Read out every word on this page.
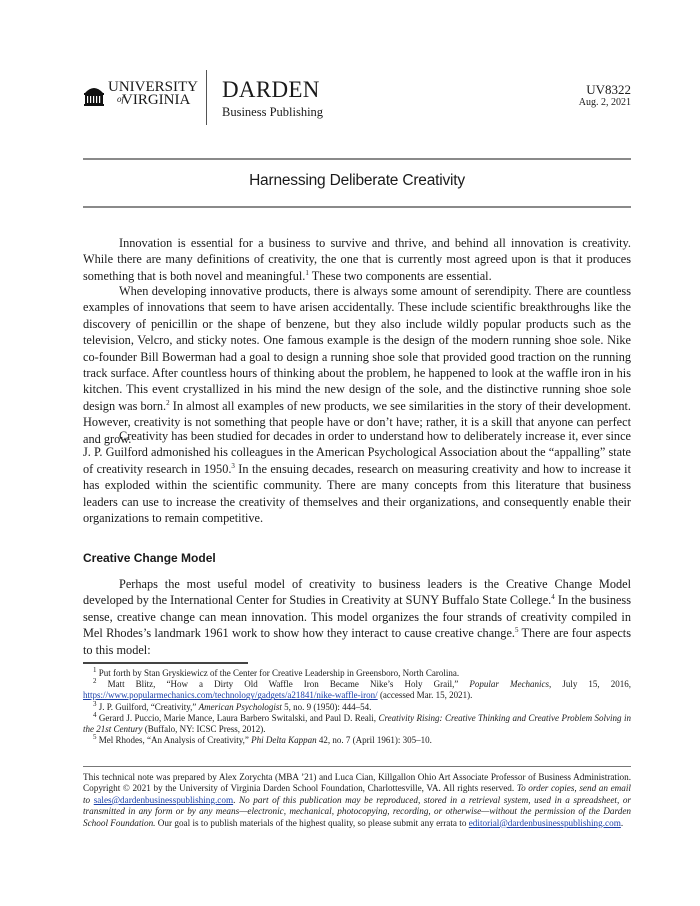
UNIVERSITY
of
VIRGINIA DARDEN
Business Publishing
UV8322
Aug. 2, 2021
Harnessing Deliberate Creativity

Innovation is essential for a business to survive and thrive, and behind all innovation is creativity. While there are many definitions of creativity, the one that is currently most agreed upon is that it produces something that is both novel and meaningful.$^1$ These two components are essential.

When developing innovative products, there is always some amount of serendipity. There are countless examples of innovations that seem to have arisen accidentally. These include scientific breakthroughs like the discovery of penicillin or the shape of benzene, but they also include wildly popular products such as the television, Velcro, and sticky notes. One famous example is the design of the modern running shoe sole. Nike co-founder Bill Bowerman had a goal to design a running shoe sole that provided good traction on the running track surface. After countless hours of thinking about the problem, he happened to look at the waffle iron in his kitchen. This event crystallized in his mind the new design of the sole, and the distinctive running shoe sole design was born.$^2$ In almost all examples of new products, we see similarities in the story of their development. However, creativity is not something that people have or don’t have; rather, it is a skill that anyone can perfect and grow.

Creativity has been studied for decades in order to understand how to deliberately increase it, ever since J. P. Guilford admonished his colleagues in the American Psychological Association about the “appalling” state of creativity research in 1950.$^3$ In the ensuing decades, research on measuring creativity and how to increase it has exploded within the scientific community. There are many concepts from this literature that business leaders can use to increase the creativity of themselves and their organizations, and consequently enable their organizations to remain competitive.

Creative Change Model

Perhaps the most useful model of creativity to business leaders is the Creative Change Model developed by the International Center for Studies in Creativity at SUNY Buffalo State College.$^4$ In the business sense, creative change can mean innovation. This model organizes the four strands of creativity compiled in Mel Rhodes’s landmark 1961 work to show how they interact to cause creative change.$^5$ There are four aspects to this model:

$^1$ Put forth by Stan Gryskiewicz of the Center for Creative Leadership in Greensboro, North Carolina.

$^2$ Matt Blitz, “How a Dirty Old Waffle Iron Became Nike’s Holy Grail,” Popular Mechanics, July 15, 2016, https://www.popularmechanics.com/technology/gadgets/a21841/nike-waffle-iron/ (accessed Mar. 15, 2021).

$^3$ J. P. Guilford, “Creativity,” American Psychologist 5, no. 9 (1950): 444–54.

$^4$ Gerard J. Puccio, Marie Mance, Laura Barbero Switalski, and Paul D. Reali, Creativity Rising: Creative Thinking and Creative Problem Solving in the 21st Century (Buffalo, NY: ICSC Press, 2012).

$^5$ Mel Rhodes, “An Analysis of Creativity,” Phi Delta Kappan 42, no. 7 (April 1961): 305–10.

This technical note was prepared by Alex Zorychta (MBA ’21) and Luca Cian, Killgallon Ohio Art Associate Professor of Business Administration. Copyright © 2021 by the University of Virginia Darden School Foundation, Charlottesville, VA. All rights reserved. To order copies, send an email to sales@dardenbusinesspublishing.com. No part of this publication may be reproduced, stored in a retrieval system, used in a spreadsheet, or transmitted in any form or by any means—electronic, mechanical, photocopying, recording, or otherwise—without the permission of the Darden School Foundation. Our goal is to publish materials of the highest quality, so please submit any errata to editorial@dardenbusinesspublishing.com.
